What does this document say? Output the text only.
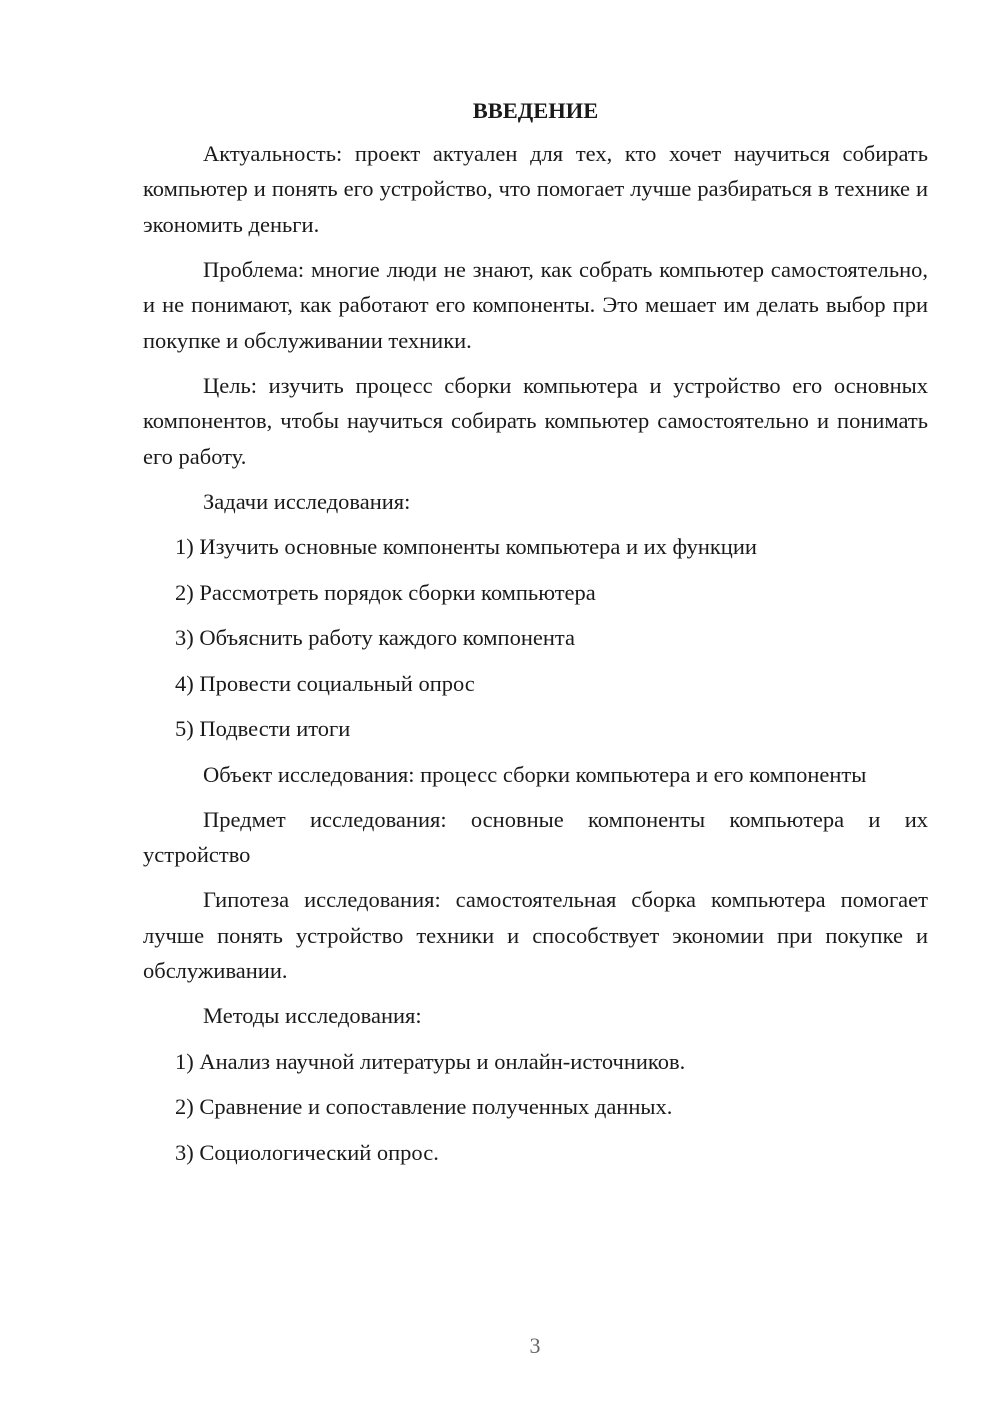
ВВЕДЕНИЕ

Актуальность: проект актуален для тех, кто хочет научиться собирать компьютер и понять его устройство, что помогает лучше разбираться в технике и экономить деньги.

Проблема: многие люди не знают, как собрать компьютер самостоятельно, и не понимают, как работают его компоненты. Это мешает им делать выбор при покупке и обслуживании техники.

Цель: изучить процесс сборки компьютера и устройство его основных компонентов, чтобы научиться собирать компьютер самостоятельно и понимать его работу.

Задачи исследования:

1) Изучить основные компоненты компьютера и их функции
2) Рассмотреть порядок сборки компьютера
3) Объяснить работу каждого компонента
4) Провести социальный опрос
5) Подвести итоги

Объект исследования: процесс сборки компьютера и его компоненты

Предмет исследования: основные компоненты компьютера и их устройство

Гипотеза исследования: самостоятельная сборка компьютера помогает лучше понять устройство техники и способствует экономии при покупке и обслуживании.

Методы исследования:

1) Анализ научной литературы и онлайн-источников.
2) Сравнение и сопоставление полученных данных.
3) Социологический опрос.
3
